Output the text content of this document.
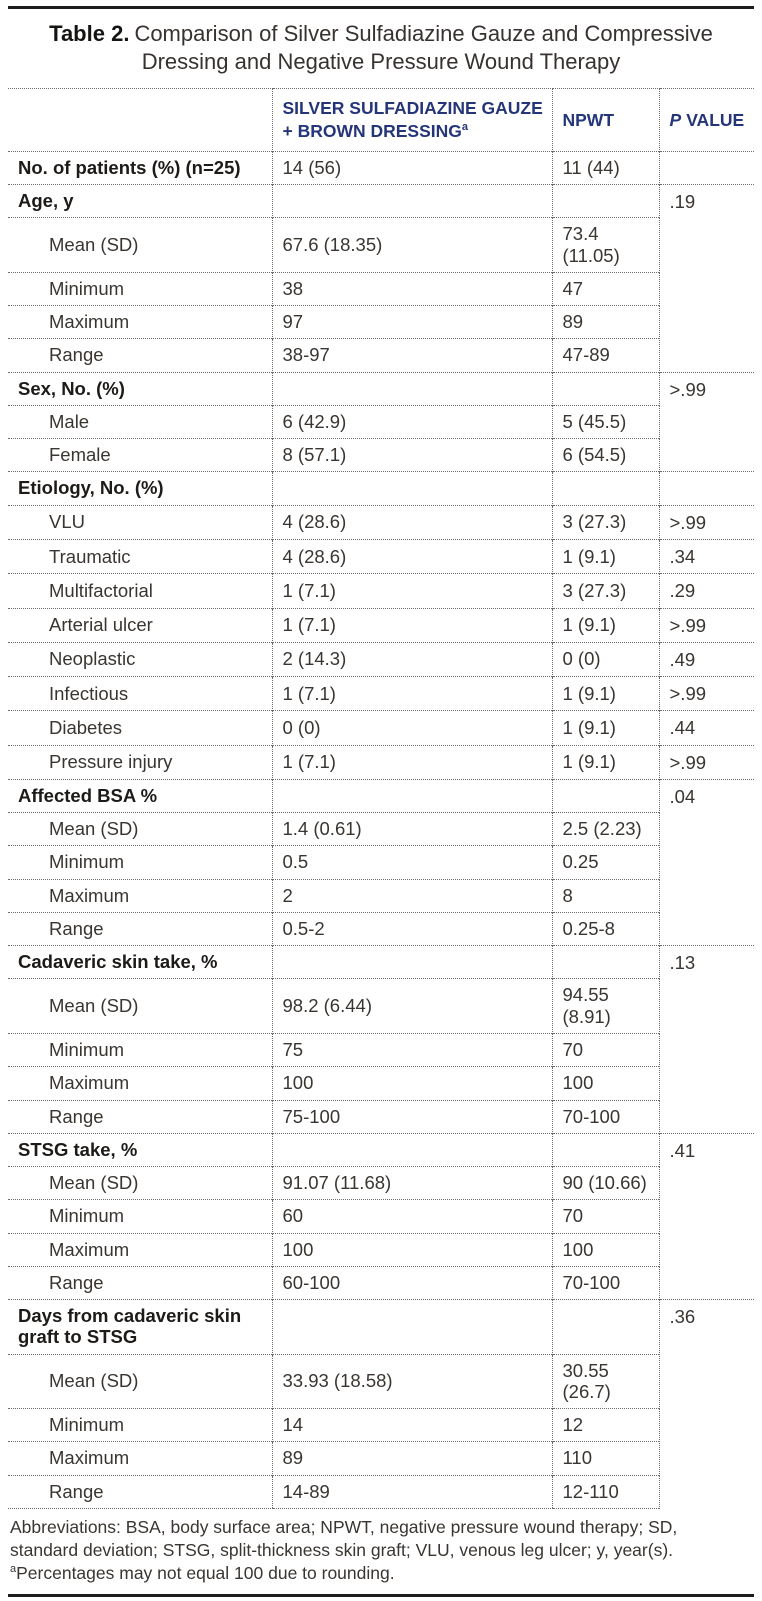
Table 2. Comparison of Silver Sulfadiazine Gauze and Compressive
Dressing and Negative Pressure Wound Therapy
	SILVER SULFADIAZINE GAUZE + BROWN DRESSING$^a$	NPWT	P VALUE
No. of patients (%) (n=25)	14 (56)	11 (44)	
Age, y			.19
Mean (SD)	67.6 (18.35)	73.4 (11.05)	
Minimum	38	47	
Maximum	97	89	
Range	38-97	47-89	
Sex, No. (%)			>.99
Male	6 (42.9)	5 (45.5)	
Female	8 (57.1)	6 (54.5)	
Etiology, No. (%)			
VLU	4 (28.6)	3 (27.3)	>.99
Traumatic	4 (28.6)	1 (9.1)	.34
Multifactorial	1 (7.1)	3 (27.3)	.29
Arterial ulcer	1 (7.1)	1 (9.1)	>.99
Neoplastic	2 (14.3)	0 (0)	.49
Infectious	1 (7.1)	1 (9.1)	>.99
Diabetes	0 (0)	1 (9.1)	.44
Pressure injury	1 (7.1)	1 (9.1)	>.99
Affected BSA %			.04
Mean (SD)	1.4 (0.61)	2.5 (2.23)	
Minimum	0.5	0.25	
Maximum	2	8	
Range	0.5-2	0.25-8	
Cadaveric skin take, %			.13
Mean (SD)	98.2 (6.44)	94.55 (8.91)	
Minimum	75	70	
Maximum	100	100	
Range	75-100	70-100	
STSG take, %			.41
Mean (SD)	91.07 (11.68)	90 (10.66)	
Minimum	60	70	
Maximum	100	100	
Range	60-100	70-100	
Days from cadaveric skin graft to STSG			.36
Mean (SD)	33.93 (18.58)	30.55 (26.7)	
Minimum	14	12	
Maximum	89	110	
Range	14-89	12-110	
Abbreviations: BSA, body surface area; NPWT, negative pressure wound therapy; SD, standard deviation; STSG, split-thickness skin graft; VLU, venous leg ulcer; y, year(s).
$^a$Percentages may not equal 100 due to rounding.
